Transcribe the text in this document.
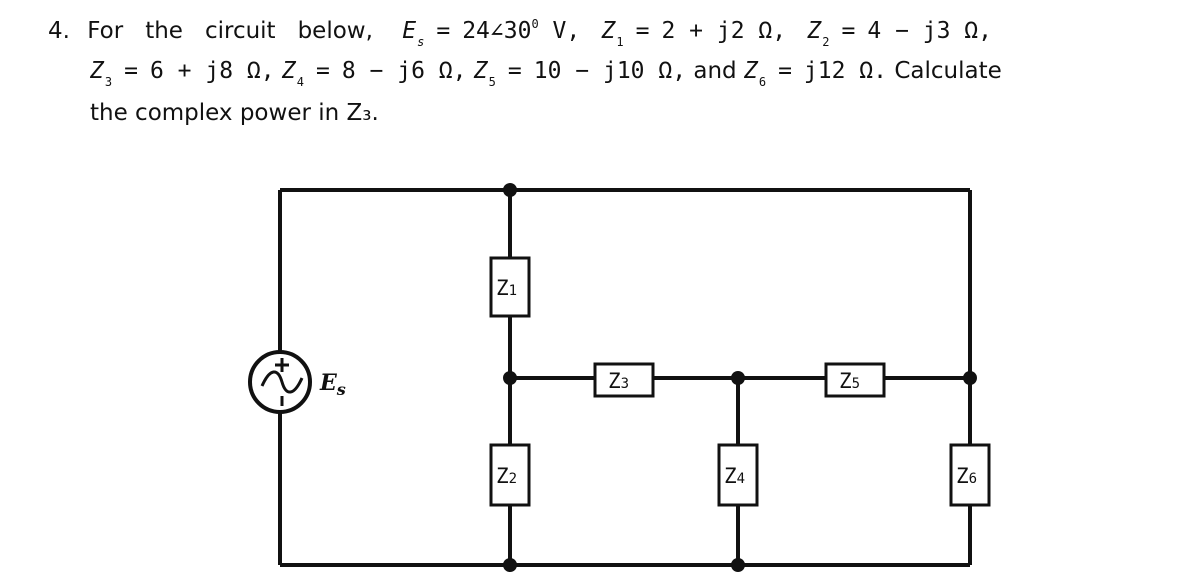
4. For the circuit below, $E_s$ = $24\angle 30^0$ V, $Z_1 = 2 + j2$ Ω, $Z_2 = 4 - j3$ Ω,
$Z_3 = 6 + j8$ Ω, $Z_4 = 8 - j6$ Ω, $Z_5 = 10 - j10$ Ω, and $Z_6 = j12$ Ω. Calculate
the complex power in Z₃.
$E_s$
Z1
Z2
Z3
Z4
Z5
Z6
